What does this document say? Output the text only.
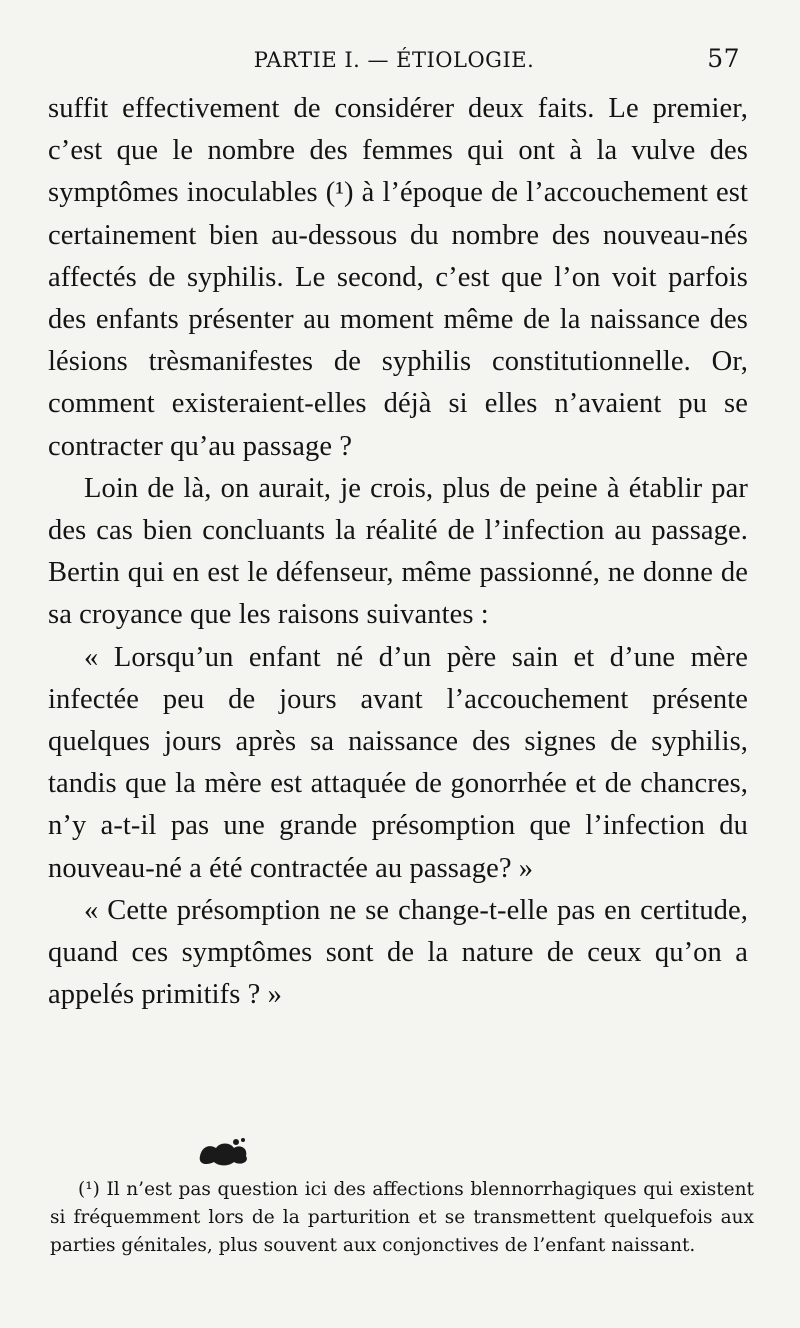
PARTIE I. — ÉTIOLOGIE.	57

suffit effectivement de considérer deux faits. Le premier, c’est que le nombre des femmes qui ont à la vulve des symptômes inoculables (¹) à l’époque de l’accouchement est certainement bien au-dessous du nombre des nouveau-nés affectés de syphilis. Le second, c’est que l’on voit parfois des enfants présenter au moment même de la naissance des lésions trèsmanifestes de syphilis constitutionnelle. Or, comment existeraient-elles déjà si elles n’avaient pu se contracter qu’au passage ?

Loin de là, on aurait, je crois, plus de peine à établir par des cas bien concluants la réalité de l’infection au passage. Bertin qui en est le défenseur, même passionné, ne donne de sa croyance que les raisons suivantes :

« Lorsqu’un enfant né d’un père sain et d’une mère infectée peu de jours avant l’accouchement présente quelques jours après sa naissance des signes de syphilis, tandis que la mère est attaquée de gonorrhée et de chancres, n’y a-t-il pas une grande présomption que l’infection du nouveau-né a été contractée au passage? »

« Cette présomption ne se change-t-elle pas en certitude, quand ces symptômes sont de la nature de ceux qu’on a appelés primitifs ? »

(¹) Il n’est pas question ici des affections blennorrhagiques qui existent si fréquemment lors de la parturition et se transmettent quelquefois aux parties génitales, plus souvent aux conjonctives de l’enfant naissant.
